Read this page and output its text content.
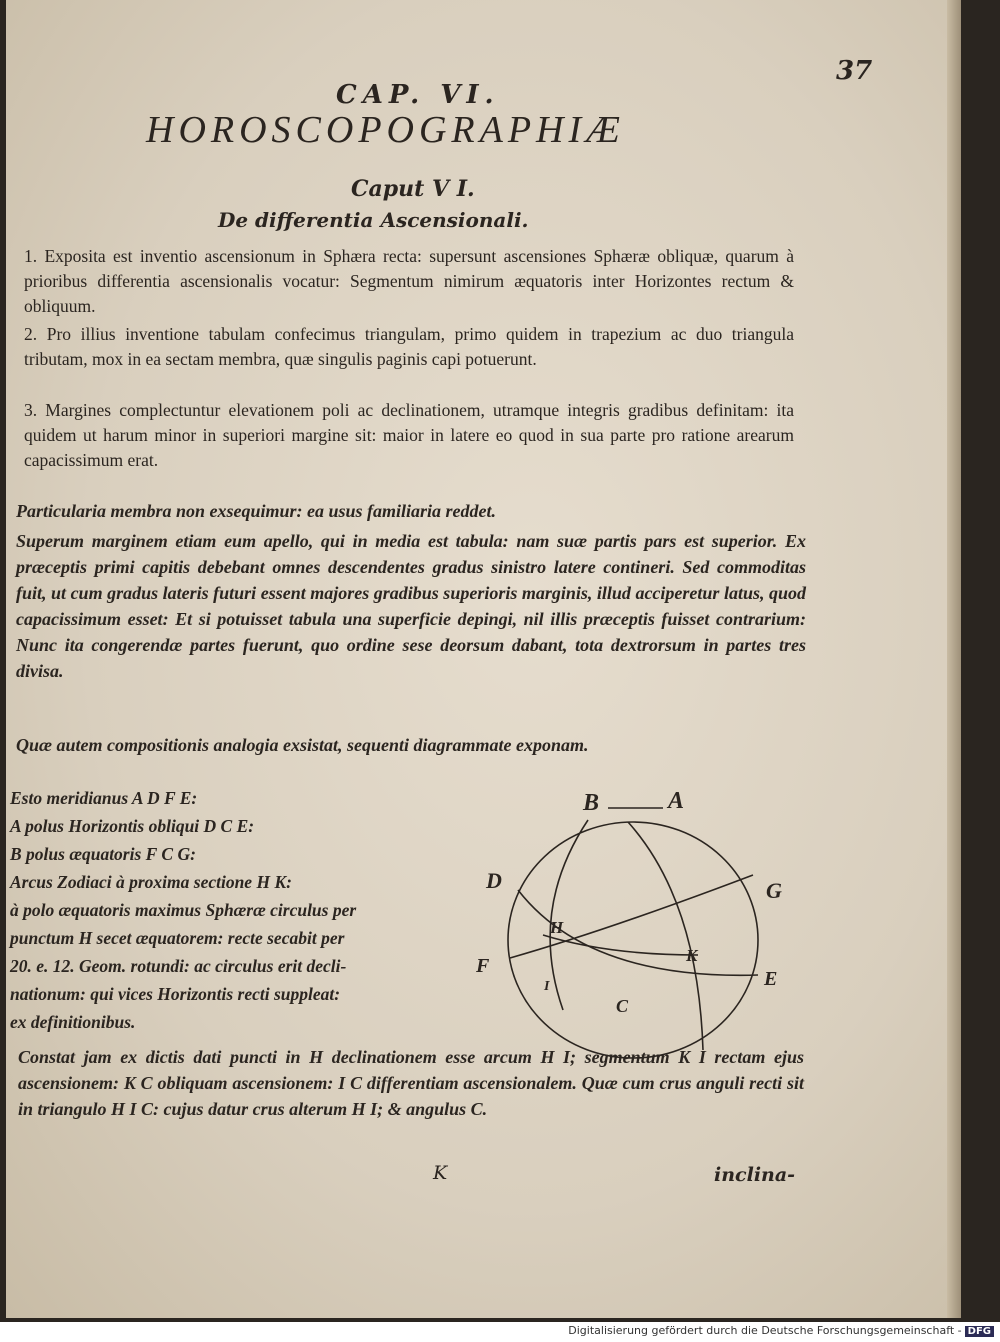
37
CAP. VI.
HOROSCOPOGRAPHIÆ
Caput V I.
De differentia Ascensionali.

1. Exposita est inventio ascensionum in Sphæra recta: supersunt ascensiones Sphæræ obliquæ, quarum à prioribus differentia ascensionalis vocatur: Segmentum nimirum æquatoris inter Horizontes rectum & obliquum.

2. Pro illius inventione tabulam confecimus triangulam, primo quidem in trapezium ac duo triangula tributam, mox in ea sectam membra, quæ singulis paginis capi potuerunt.

3. Margines complectuntur elevationem poli ac declinationem, utramque integris gradibus definitam: ita quidem ut harum minor in superiori margine sit: maior in latere eo quod in sua parte pro ratione arearum capacissimum erat.

Particularia membra non exsequimur: ea usus familiaria reddet.

Superum marginem etiam eum apello, qui in media est tabula: nam suæ partis pars est superior. Ex præceptis primi capitis debebant omnes descendentes gradus sinistro latere contineri. Sed commoditas fuit, ut cum gradus lateris futuri essent majores gradibus superioris marginis, illud acciperetur latus, quod capacissimum esset: Et si potuisset tabula una superficie depingi, nil illis præceptis fuisset contrarium: Nunc ita congerendæ partes fuerunt, quo ordine sese deorsum dabant, tota dextrorsum in partes tres divisa.

Quæ autem compositionis analogia exsistat, sequenti diagrammate exponam.

Esto meridianus A D F E:
A polus Horizontis obliqui D C E:
B polus æquatoris F C G:
Arcus Zodiaci à proxima sectione H K:
à polo æquatoris maximus Sphæræ circulus per
punctum H secet æquatorem: recte secabit per
20. e. 12. Geom. rotundi: ac circulus erit decli-
nationum: qui vices Horizontis recti suppleat:
ex definitionibus.
B	A
D	G
H
K
F
E
C
I

Constat jam ex dictis dati puncti in H declinationem esse arcum H I; segmentum K I rectam ejus ascensionem: K C obliquam ascensionem: I C differentiam ascensionalem. Quæ cum crus anguli recti sit in triangulo H I C: cujus datur crus alterum H I; & angulus C.

K	inclina-
Digitalisierung gefördert durch die Deutsche Forschungsgemeinschaft - DFG
